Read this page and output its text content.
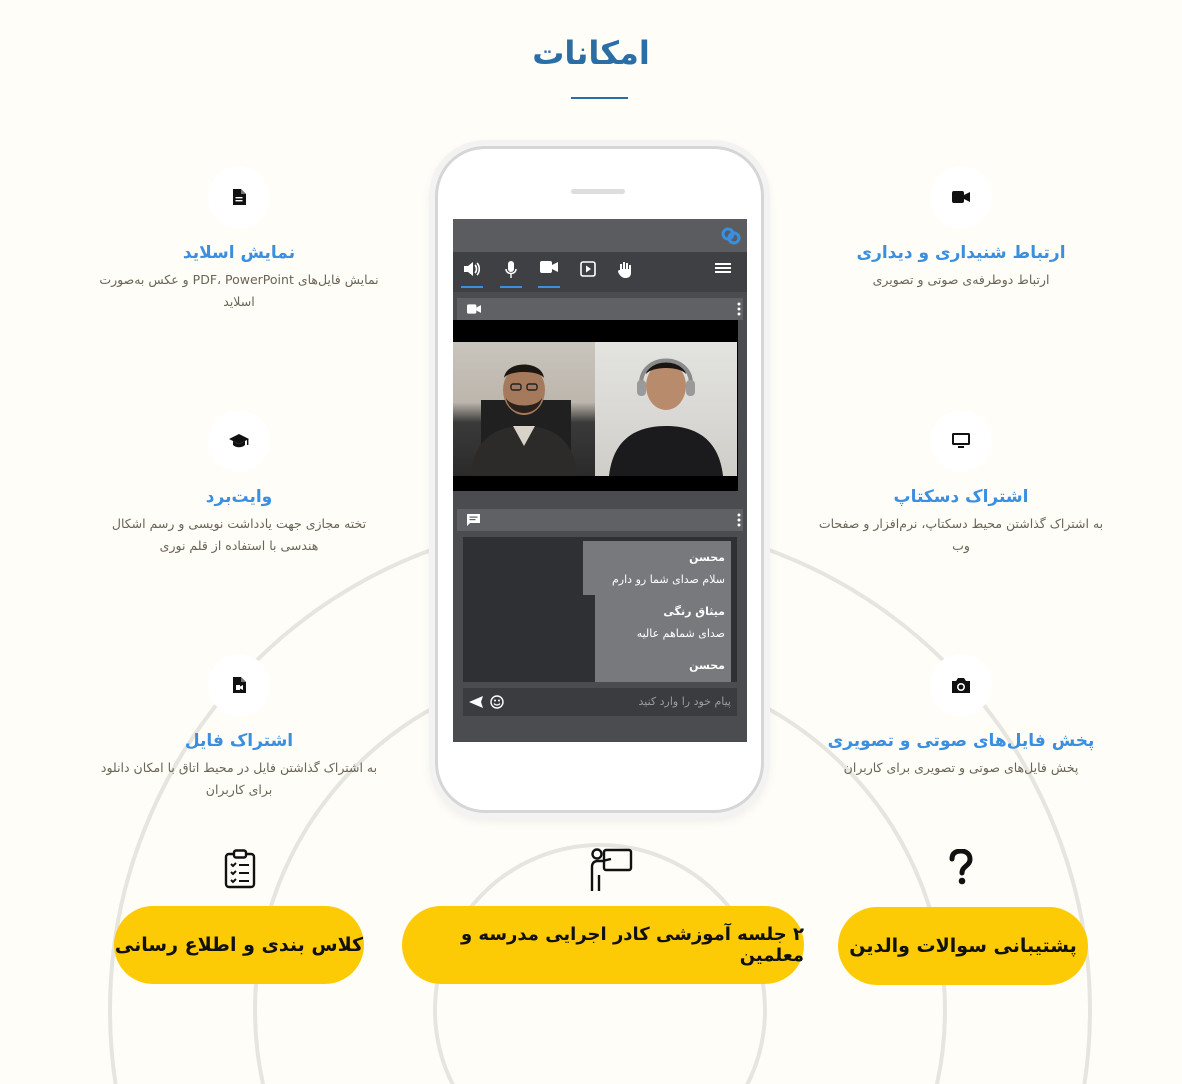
امکانات
نمایش اسلاید
نمایش فایل‌های PDF، PowerPoint و عکس به‌صورت اسلاید
وایت‌برد
تخته مجازی جهت یادداشت نویسی و رسم اشکال هندسی با استفاده از قلم نوری
اشتراک فایل
به اشتراک گذاشتن فایل در محیط اتاق با امکان دانلود برای کاربران
ارتباط شنیداری و دیداری
ارتباط دوطرفه‌ی صوتی و تصویری
اشتراک دسکتاپ
به اشتراک گذاشتن محیط دسکتاپ، نرم‌افزار و صفحات وب
پخش فایل‌های صوتی و تصویری
پخش فایل‌های صوتی و تصویری برای کاربران
محسن
سلام صدای شما رو دارم
میثاق رنگی
صدای شماهم عالیه
محسن
پیام خود را وارد کنید
کلاس بندی و اطلاع رسانی	۲ جلسه آموزشی کادر اجرایی مدرسه و معلمین	پشتیبانی سوالات والدین
